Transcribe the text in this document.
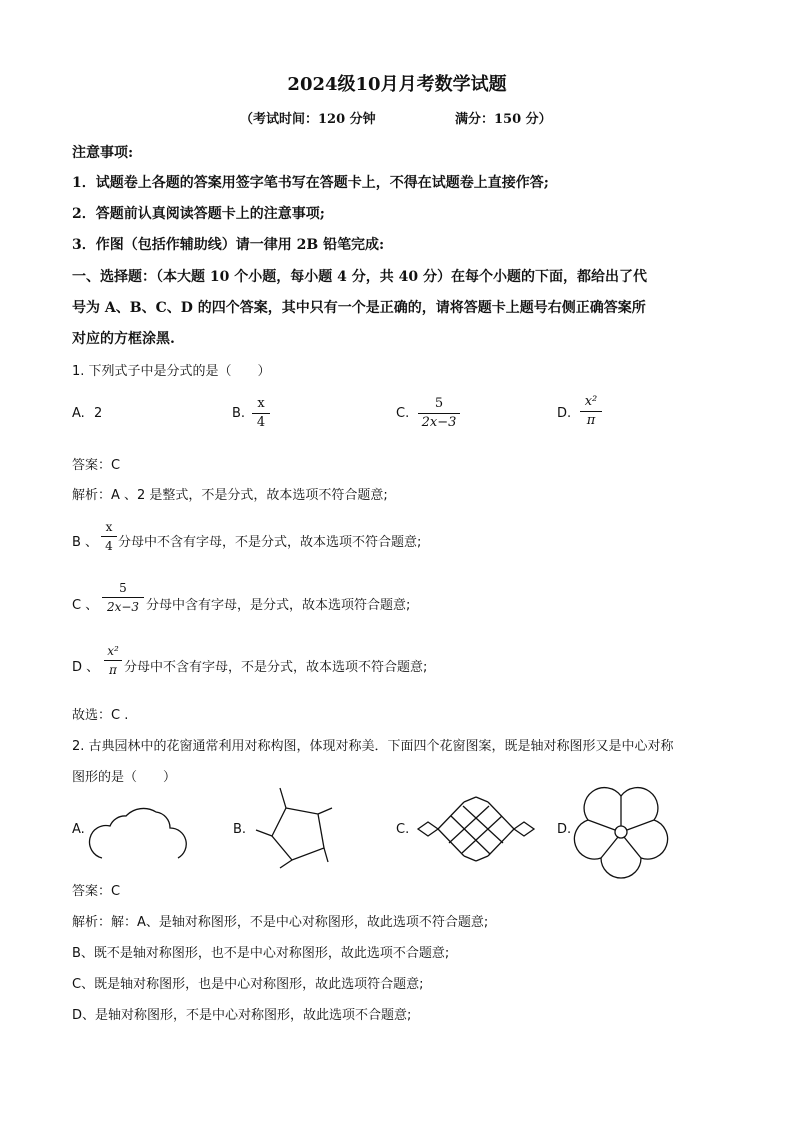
2024级10月月考数学试题
（考试时间：120 分钟	满分：150 分）
注意事项:
1．试题卷上各题的答案用签字笔书写在答题卡上，不得在试题卷上直接作答;
2．答题前认真阅读答题卡上的注意事项;
3．作图（包括作辅助线）请一律用 2B 铅笔完成:
一、选择题：（本大题 10 个小题，每小题 4 分，共 40 分）在每个小题的下面，都给出了代
号为 A、B、C、D 的四个答案，其中只有一个是正确的，请将答题卡上题号右侧正确答案所
对应的方框涂黑.
1. 下列式子中是分式的是（　　）
A. 2	B.
x
4
C.
5
2x−3
D.
x²
π
答案：C
解析：A 、2 是整式，不是分式，故本选项不符合题意;
B 、
x
4 分母中不含有字母，不是分式，故本选项不符合题意;
C 、
5
2x−3 分母中含有字母，是分式，故本选项符合题意;
D 、
x²
π 分母中不含有字母，不是分式，故本选项不符合题意;
故选：C .
2. 古典园林中的花窗通常利用对称构图，体现对称美．下面四个花窗图案，既是轴对称图形又是中心对称
图形的是（　　）
A.	B.	C.	D.
答案：C
解析：解：A、是轴对称图形，不是中心对称图形，故此选项不符合题意;
B、既不是轴对称图形，也不是中心对称图形，故此选项不合题意;
C、既是轴对称图形，也是中心对称图形，故此选项符合题意;
D、是轴对称图形，不是中心对称图形，故此选项不合题意;
